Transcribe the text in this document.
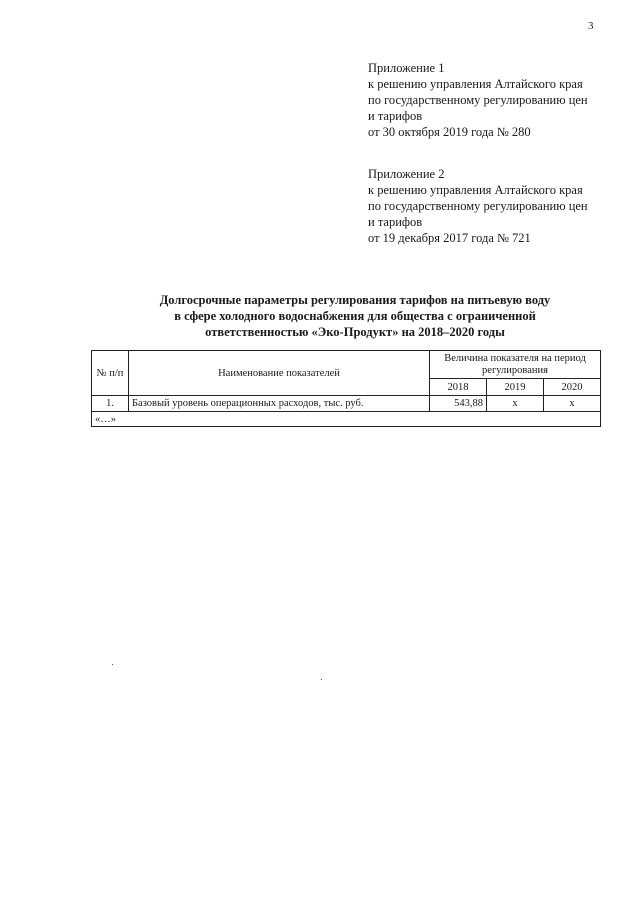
3
Приложение 1
к решению управления Алтайского края
по государственному регулированию цен
и тарифов
от 30 октября 2019 года № 280
Приложение 2
к решению управления Алтайского края
по государственному регулированию цен
и тарифов
от 19 декабря 2017 года № 721
Долгосрочные параметры регулирования тарифов на питьевую воду
в сфере холодного водоснабжения для общества с ограниченной
ответственностью «Эко-Продукт» на 2018–2020 годы
№ п/п	Наименование показателей	Величина показателя на период регулирования		
		2018	2019	2020
1.	Базовый уровень операционных расходов, тыс. руб.	543,88	х	х
«…»				
